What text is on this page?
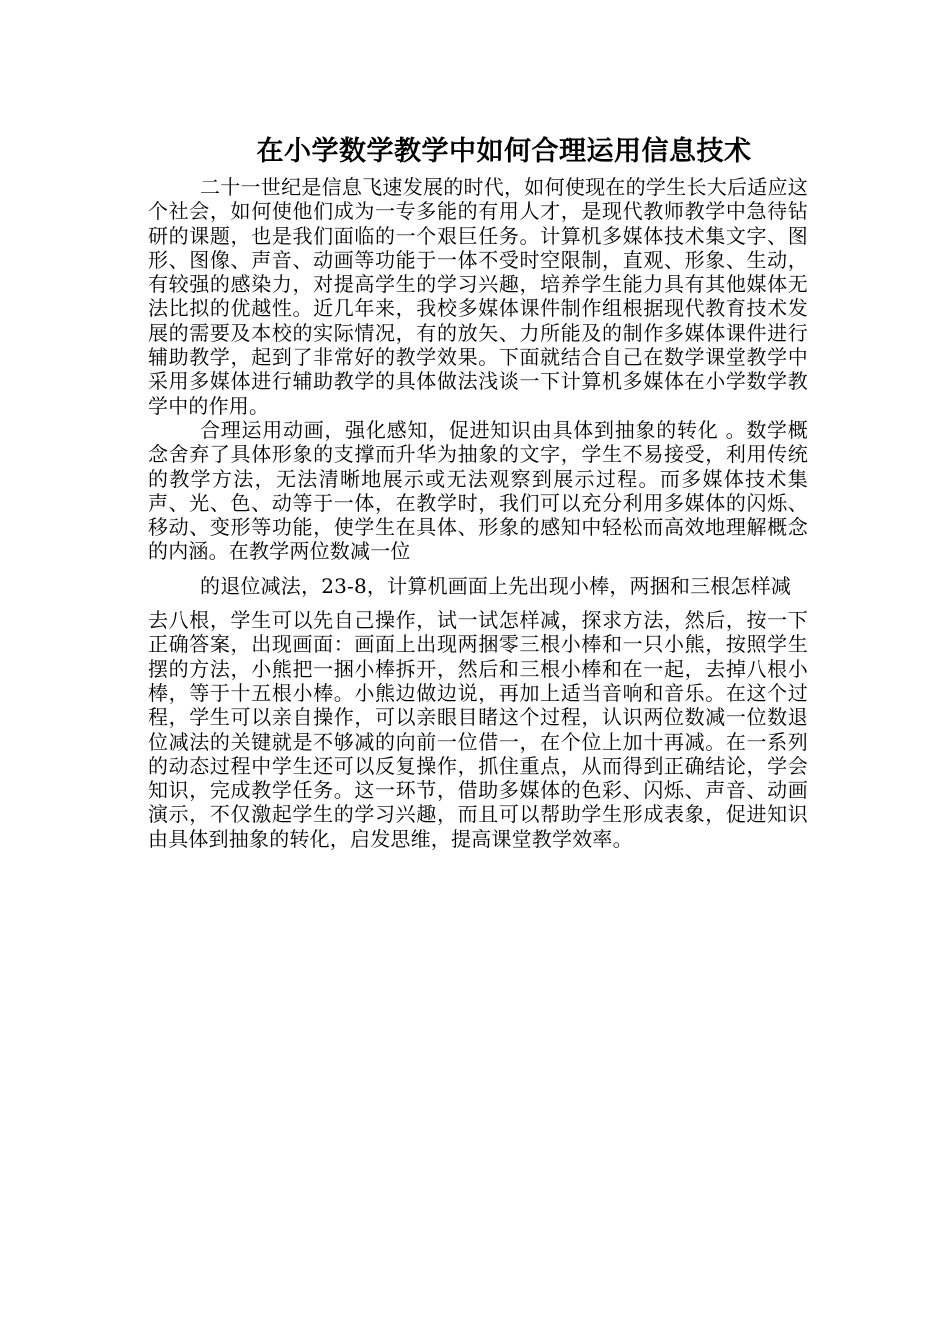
在小学数学教学中如何合理运用信息技术

二十一世纪是信息飞速发展的时代，如何使现在的学生长大后适应这个社会，如何使他们成为一专多能的有用人才，是现代教师教学中急待钻研的课题，也是我们面临的一个艰巨任务。计算机多媒体技术集文字、图形、图像、声音、动画等功能于一体不受时空限制，直观、形象、生动，有较强的感染力，对提高学生的学习兴趣，培养学生能力具有其他媒体无法比拟的优越性。近几年来，我校多媒体课件制作组根据现代教育技术发展的需要及本校的实际情况，有的放矢、力所能及的制作多媒体课件进行辅助教学，起到了非常好的教学效果。下面就结合自己在数学课堂教学中采用多媒体进行辅助教学的具体做法浅谈一下计算机多媒体在小学数学教学中的作用。

合理运用动画，强化感知，促进知识由具体到抽象的转化 。数学概念舍弃了具体形象的支撑而升华为抽象的文字，学生不易接受，利用传统的教学方法，无法清晰地展示或无法观察到展示过程。而多媒体技术集声、光、色、动等于一体，在教学时，我们可以充分利用多媒体的闪烁、移动、变形等功能，使学生在具体、形象的感知中轻松而高效地理解概念的内涵。在教学两位数减一位
的退位减法，23-8，计算机画面上先出现小棒，两捆和三根怎样减
去八根，学生可以先自己操作，试一试怎样减，探求方法，然后，按一下正确答案，出现画面：画面上出现两捆零三根小棒和一只小熊，按照学生摆的方法，小熊把一捆小棒拆开，然后和三根小棒和在一起，去掉八根小棒，等于十五根小棒。小熊边做边说，再加上适当音响和音乐。在这个过程，学生可以亲自操作，可以亲眼目睹这个过程，认识两位数减一位数退位减法的关键就是不够减的向前一位借一，在个位上加十再减。在一系列的动态过程中学生还可以反复操作，抓住重点，从而得到正确结论，学会知识，完成教学任务。这一环节，借助多媒体的色彩、闪烁、声音、动画演示，不仅激起学生的学习兴趣，而且可以帮助学生形成表象，促进知识由具体到抽象的转化，启发思维，提高课堂教学效率。
